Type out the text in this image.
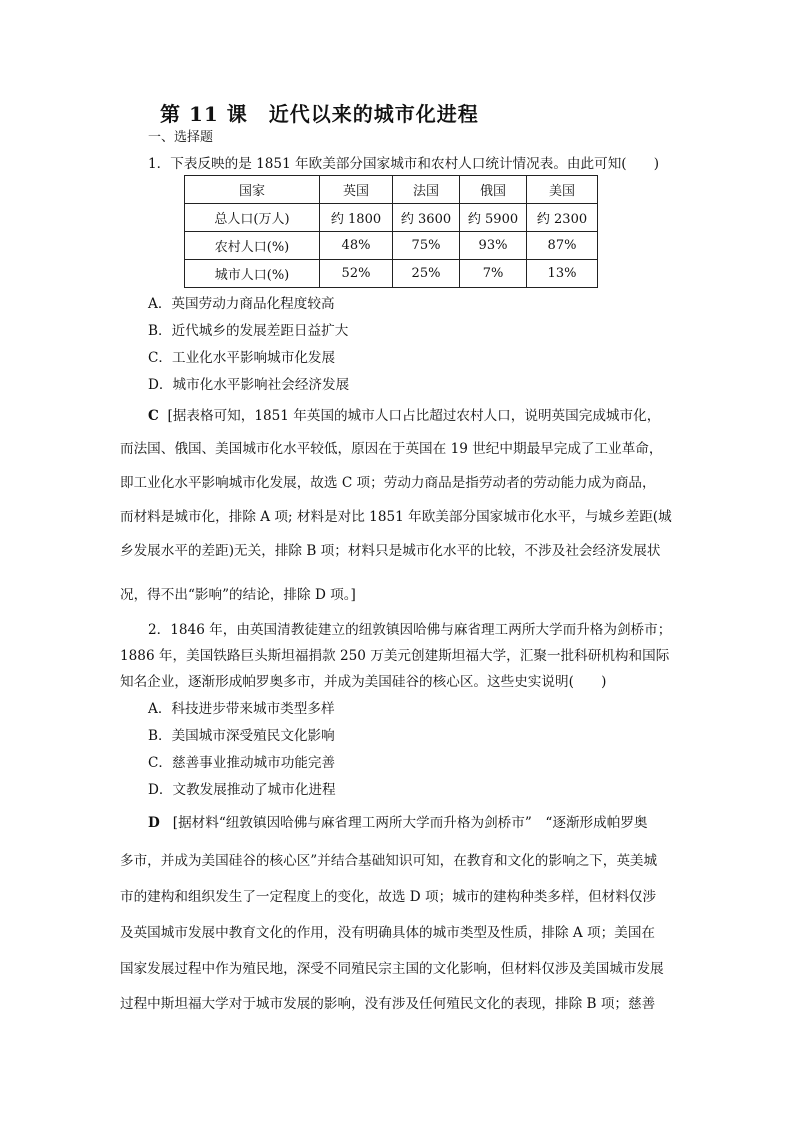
第 11 课　近代以来的城市化进程
一、选择题
1．下表反映的是 1851 年欧美部分国家城市和农村人口统计情况表。由此可知(　　)
国家	英国	法国	俄国	美国
总人口(万人)	约 1800	约 3600	约 5900	约 2300
农村人口(%)	48%	75%	93%	87%
城市人口(%)	52%	25%	7%	13%
A．英国劳动力商品化程度较高
B．近代城乡的发展差距日益扩大
C．工业化水平影响城市化发展
D．城市化水平影响社会经济发展
C [据表格可知，1851 年英国的城市人口占比超过农村人口，说明英国完成城市化，
而法国、俄国、美国城市化水平较低，原因在于英国在 19 世纪中期最早完成了工业革命，
即工业化水平影响城市化发展，故选 C 项；劳动力商品是指劳动者的劳动能力成为商品，
而材料是城市化，排除 A 项; 材料是对比 1851 年欧美部分国家城市化水平，与城乡差距(城
乡发展水平的差距)无关，排除 B 项；材料只是城市化水平的比较，不涉及社会经济发展状
况，得不出“影响”的结论，排除 D 项。]
2．1846 年，由英国清教徒建立的纽敦镇因哈佛与麻省理工两所大学而升格为剑桥市；
1886 年，美国铁路巨头斯坦福捐款 250 万美元创建斯坦福大学，汇聚一批科研机构和国际
知名企业，逐渐形成帕罗奥多市，并成为美国硅谷的核心区。这些史实说明(　　)
A．科技进步带来城市类型多样
B．美国城市深受殖民文化影响
C．慈善事业推动城市功能完善
D．文教发展推动了城市化进程
D [据材料“纽敦镇因哈佛与麻省理工两所大学而升格为剑桥市”　“逐渐形成帕罗奥
多市，并成为美国硅谷的核心区”并结合基础知识可知，在教育和文化的影响之下，英美城
市的建构和组织发生了一定程度上的变化，故选 D 项；城市的建构种类多样，但材料仅涉
及英国城市发展中教育文化的作用，没有明确具体的城市类型及性质，排除 A 项；美国在
国家发展过程中作为殖民地，深受不同殖民宗主国的文化影响，但材料仅涉及美国城市发展
过程中斯坦福大学对于城市发展的影响，没有涉及任何殖民文化的表现，排除 B 项；慈善
